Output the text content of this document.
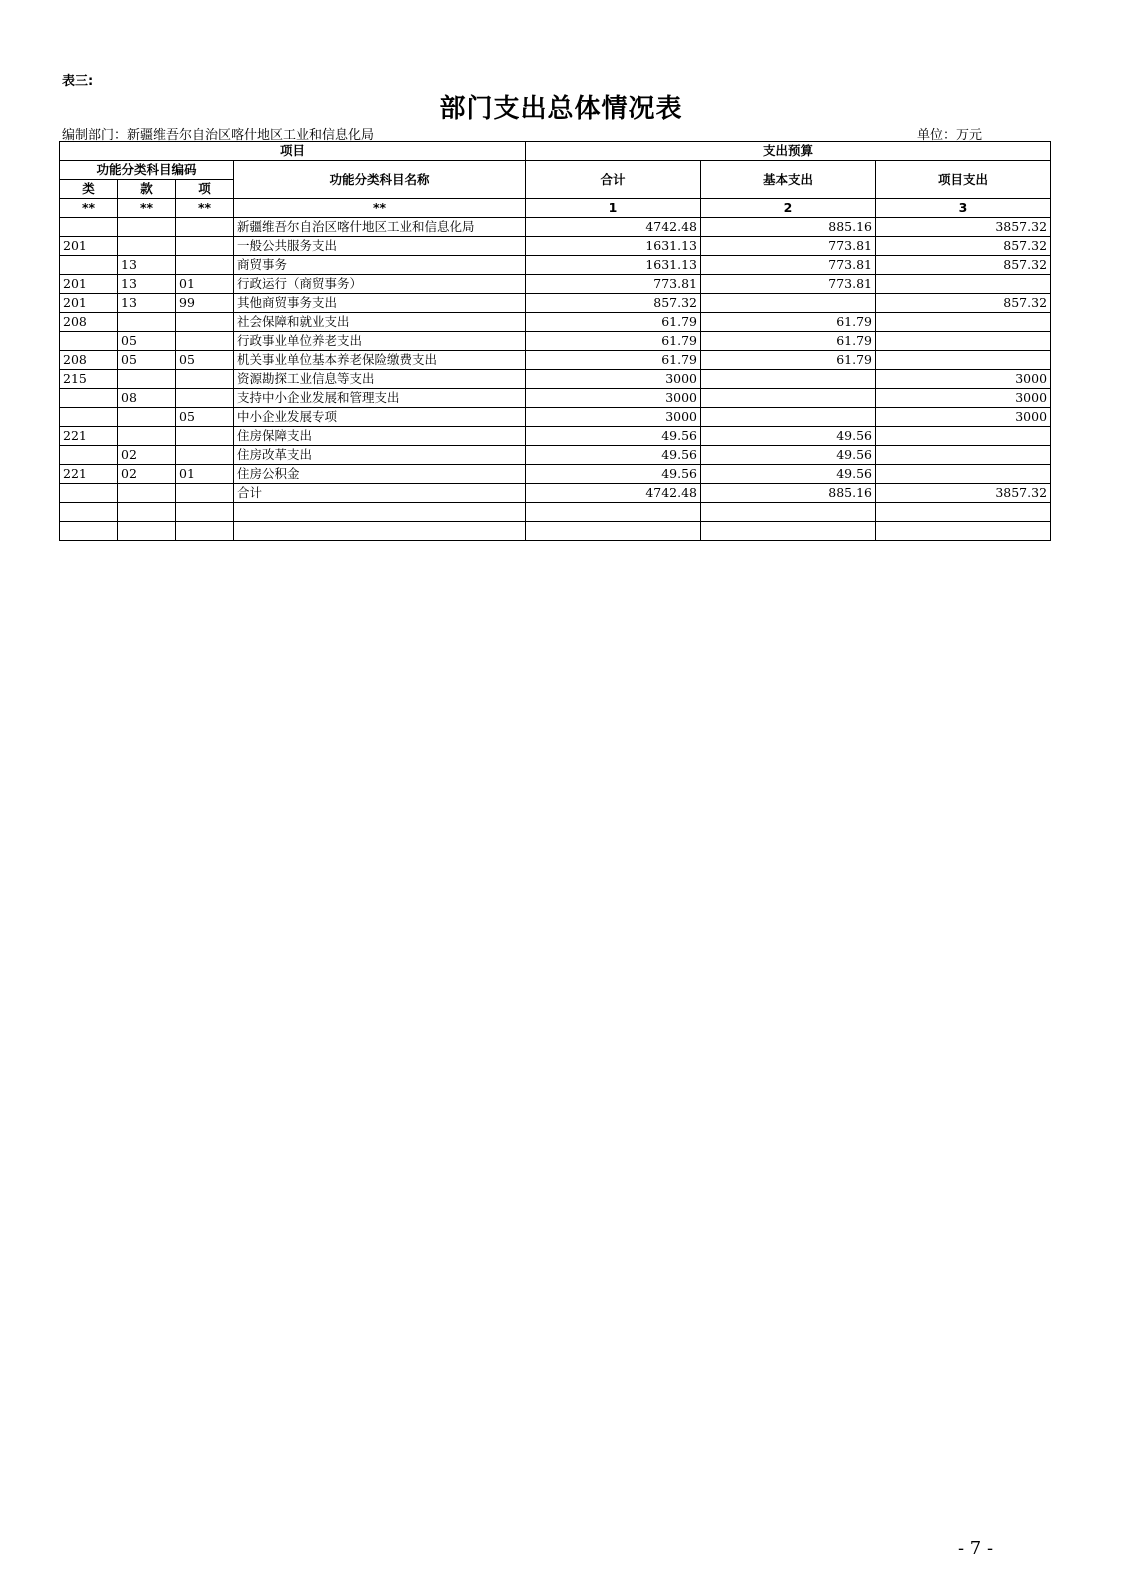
表三:
部门支出总体情况表
编制部门：新疆维吾尔自治区喀什地区工业和信息化局	单位：万元
项目				支出预算		
功能分类科目编码			功能分类科目名称	合计	基本支出	项目支出
类	款	项				
**	**	**	**	1	2	3
			新疆维吾尔自治区喀什地区工业和信息化局	4742.48	885.16	3857.32
201			一般公共服务支出	1631.13	773.81	857.32
	13		商贸事务	1631.13	773.81	857.32
201	13	01	行政运行（商贸事务）	773.81	773.81	
201	13	99	其他商贸事务支出	857.32		857.32
208			社会保障和就业支出	61.79	61.79	
	05		行政事业单位养老支出	61.79	61.79	
208	05	05	机关事业单位基本养老保险缴费支出	61.79	61.79	
215			资源勘探工业信息等支出	3000		3000
	08		支持中小企业发展和管理支出	3000		3000
		05	中小企业发展专项	3000		3000
221			住房保障支出	49.56	49.56	
	02		住房改革支出	49.56	49.56	
221	02	01	住房公积金	49.56	49.56	
			合计	4742.48	885.16	3857.32

- 7 -
